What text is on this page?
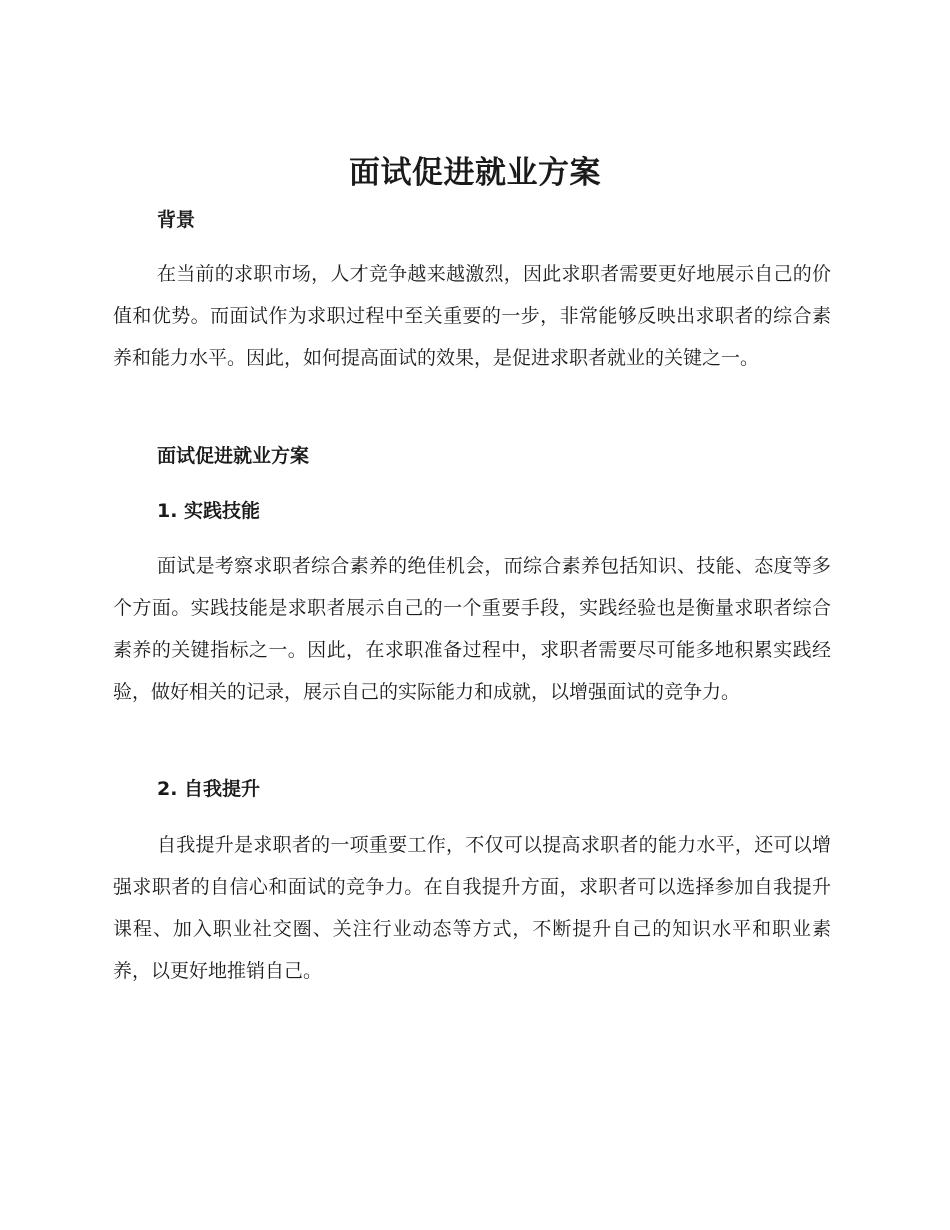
面试促进就业方案
背景

在当前的求职市场，人才竞争越来越激烈，因此求职者需要更好地展示自己的价值和优势。而面试作为求职过程中至关重要的一步，非常能够反映出求职者的综合素养和能力水平。因此，如何提高面试的效果，是促进求职者就业的关键之一。

面试促进就业方案
1. 实践技能

面试是考察求职者综合素养的绝佳机会，而综合素养包括知识、技能、态度等多个方面。实践技能是求职者展示自己的一个重要手段，实践经验也是衡量求职者综合素养的关键指标之一。因此，在求职准备过程中，求职者需要尽可能多地积累实践经验，做好相关的记录，展示自己的实际能力和成就，以增强面试的竞争力。

2. 自我提升

自我提升是求职者的一项重要工作，不仅可以提高求职者的能力水平，还可以增强求职者的自信心和面试的竞争力。在自我提升方面，求职者可以选择参加自我提升课程、加入职业社交圈、关注行业动态等方式，不断提升自己的知识水平和职业素养，以更好地推销自己。
